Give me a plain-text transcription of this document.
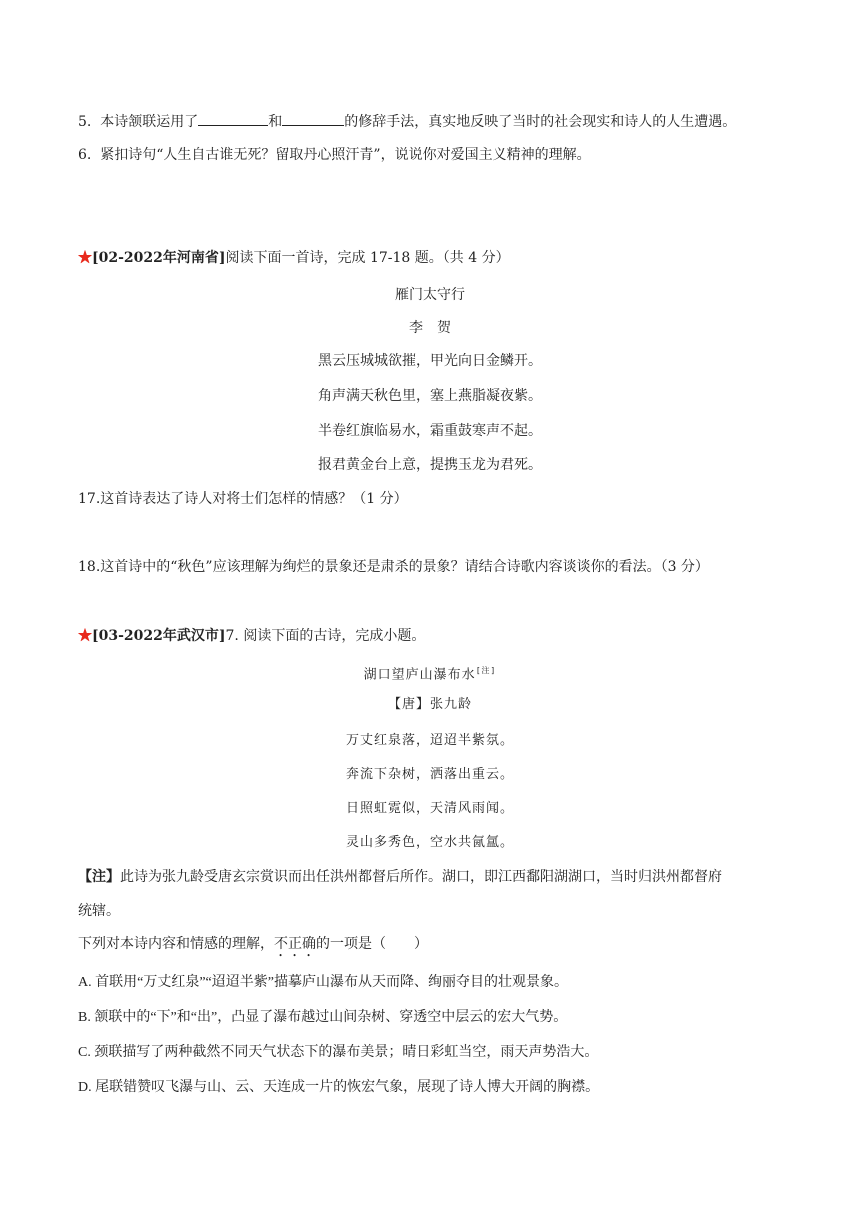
5. 本诗颔联运用了	和	的修辞手法，真实地反映了当时的社会现实和诗人的人生遭遇。
6. 紧扣诗句“人生自古谁无死？留取丹心照汗青”，说说你对爱国主义精神的理解。
★[02-2022年河南省]阅读下面一首诗，完成 17-18 题。（共 4 分）
雁门太守行
李　贺
黑云压城城欲摧，甲光向日金鳞开。
角声满天秋色里，塞上燕脂凝夜紫。
半卷红旗临易水，霜重鼓寒声不起。
报君黄金台上意，提携玉龙为君死。
17.这首诗表达了诗人对将士们怎样的情感？（1 分）
18.这首诗中的“秋色”应该理解为绚烂的景象还是肃杀的景象？请结合诗歌内容谈谈你的看法。（3 分）
★[03-2022年武汉市]7. 阅读下面的古诗，完成小题。
湖口望庐山瀑布水[注]
【唐】张九龄
万丈红泉落，迢迢半紫氛。
奔流下杂树，洒落出重云。
日照虹霓似，天清风雨闻。
灵山多秀色，空水共氤氲。
【注】此诗为张九龄受唐玄宗赏识而出任洪州都督后所作。湖口，即江西鄱阳湖湖口，当时归洪州都督府
统辖。
下列对本诗内容和情感的理解，不正确的一项是（　　）
A. 首联用“万丈红泉”“迢迢半紫”描摹庐山瀑布从天而降、绚丽夺目的壮观景象。
B. 颔联中的“下”和“出”，凸显了瀑布越过山间杂树、穿透空中层云的宏大气势。
C. 颈联描写了两种截然不同天气状态下的瀑布美景；晴日彩虹当空，雨天声势浩大。
D. 尾联错赞叹飞瀑与山、云、天连成一片的恢宏气象，展现了诗人博大开阔的胸襟。
